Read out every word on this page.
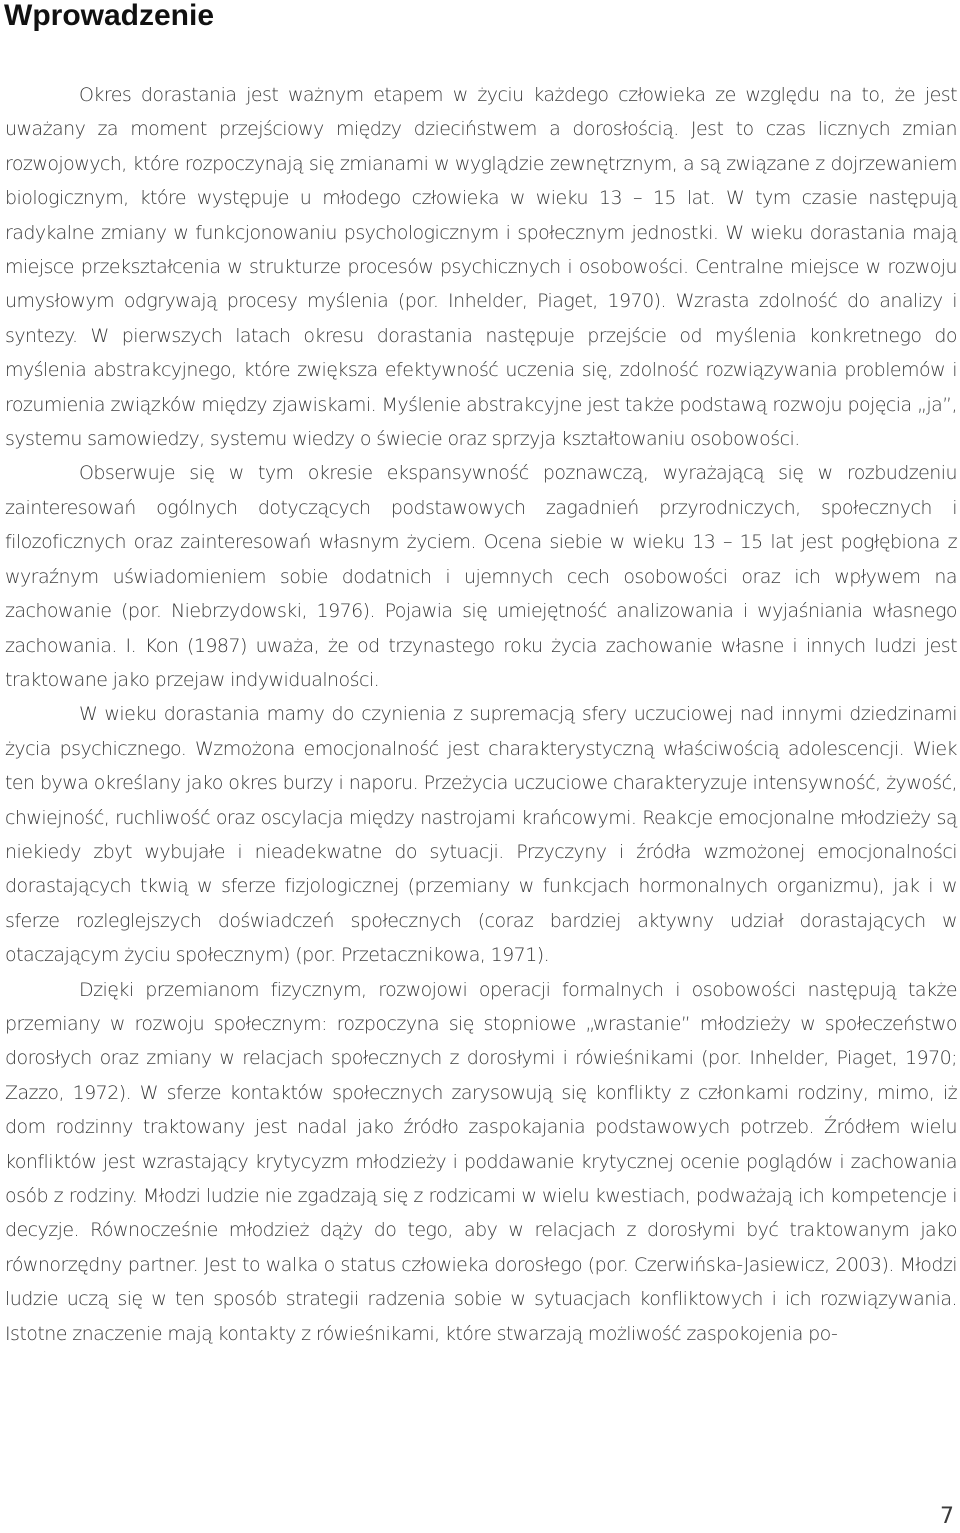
Wprowadzenie

Okres dorastania jest ważnym etapem w życiu każdego człowieka ze względu na to, że jest uważany za moment przejściowy między dzieciństwem a dorosłością. Jest to czas licznych zmian rozwojowych, które rozpoczynają się zmianami w wyglądzie zewnętrznym, a są związane z dojrzewaniem biologicznym, które występuje u młodego człowieka w wieku 13 – 15 lat. W tym czasie następują radykalne zmiany w funkcjonowaniu psychologicznym i społecznym jednostki. W wieku dorastania mają miejsce przekształcenia w strukturze procesów psychicznych i osobowości. Centralne miejsce w rozwoju umysłowym odgrywają procesy myślenia (por. Inhelder, Piaget, 1970). Wzrasta zdolność do analizy i syntezy. W pierwszych latach okresu dorastania następuje przejście od myślenia konkretnego do myślenia abstrakcyjnego, które zwiększa efektywność uczenia się, zdolność rozwiązywania problemów i rozumienia związków między zjawiskami. Myślenie abstrakcyjne jest także podstawą rozwoju pojęcia „ja”, systemu samowiedzy, systemu wiedzy o świecie oraz sprzyja kształtowaniu osobowości.

Obserwuje się w tym okresie ekspansywność poznawczą, wyrażającą się w rozbudzeniu zainteresowań ogólnych dotyczących podstawowych zagadnień przyrodniczych, społecznych i filozoficznych oraz zainteresowań własnym życiem. Ocena siebie w wieku 13 – 15 lat jest pogłębiona z wyraźnym uświadomieniem sobie dodatnich i ujemnych cech osobowości oraz ich wpływem na zachowanie (por. Niebrzydowski, 1976). Pojawia się umiejętność analizowania i wyjaśniania własnego zachowania. I. Kon (1987) uważa, że od trzynastego roku życia zachowanie własne i innych ludzi jest traktowane jako przejaw indywidualności.

W wieku dorastania mamy do czynienia z supremacją sfery uczuciowej nad innymi dziedzinami życia psychicznego. Wzmożona emocjonalność jest charakterystyczną właściwością adolescencji. Wiek ten bywa określany jako okres burzy i naporu. Przeżycia uczuciowe charakteryzuje intensywność, żywość, chwiejność, ruchliwość oraz oscylacja między nastrojami krańcowymi. Reakcje emocjonalne młodzieży są niekiedy zbyt wybujałe i nieadekwatne do sytuacji. Przyczyny i źródła wzmożonej emocjonalności dorastających tkwią w sferze fizjologicznej (przemiany w funkcjach hormonalnych organizmu), jak i w sferze rozleglejszych doświadczeń społecznych (coraz bardziej aktywny udział dorastających w otaczającym życiu społecznym) (por. Przetacznikowa, 1971).

Dzięki przemianom fizycznym, rozwojowi operacji formalnych i osobowości następują także przemiany w rozwoju społecznym: rozpoczyna się stopniowe „wrastanie” młodzieży w społeczeństwo dorosłych oraz zmiany w relacjach społecznych z dorosłymi i rówieśnikami (por. Inhelder, Piaget, 1970; Zazzo, 1972). W sferze kontaktów społecznych zarysowują się konflikty z członkami rodziny, mimo, iż dom rodzinny traktowany jest nadal jako źródło zaspokajania podstawowych potrzeb. Źródłem wielu konfliktów jest wzrastający krytycyzm młodzieży i poddawanie krytycznej ocenie poglądów i zachowania osób z rodziny. Młodzi ludzie nie zgadzają się z rodzicami w wielu kwestiach, podważają ich kompetencje i decyzje. Równocześnie młodzież dąży do tego, aby w relacjach z dorosłymi być traktowanym jako równorzędny partner. Jest to walka o status człowieka dorosłego (por. Czerwińska-Jasiewicz, 2003). Młodzi ludzie uczą się w ten sposób strategii radzenia sobie w sytuacjach konfliktowych i ich rozwiązywania. Istotne znaczenie mają kontakty z rówieśnikami, które stwarzają możliwość zaspokojenia po-

7
